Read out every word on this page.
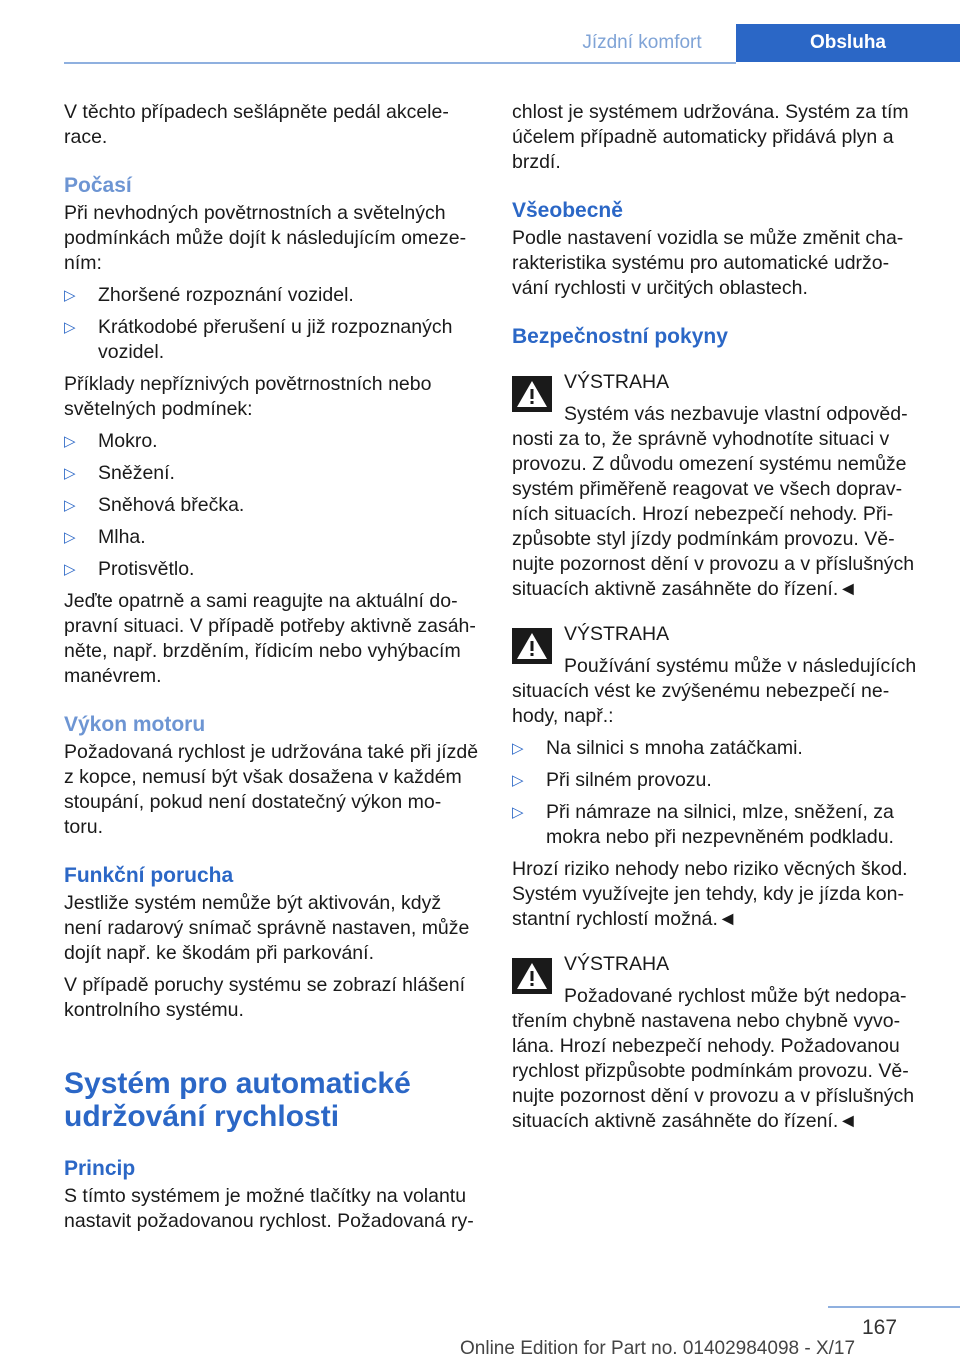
Jízdní komfort	Obsluha

V těchto případech sešlápněte pedál akcele-race.

Počasí

Při nevhodných povětrnostních a světelných podmínkách může dojít k následujícím omeze-ním:

▷ Zhoršené rozpoznání vozidel.
▷ Krátkodobé přerušení u již rozpoznaných vozidel.

Příklady nepříznivých povětrnostních nebo světelných podmínek:

▷ Mokro.
▷ Sněžení.
▷ Sněhová břečka.
▷ Mlha.
▷ Protisvětlo.

Jeďte opatrně a sami reagujte na aktuální do-pravní situaci. V případě potřeby aktivně zasáh-něte, např. brzděním, řídicím nebo vyhýbacím manévrem.

Výkon motoru

Požadovaná rychlost je udržována také při jízdě z kopce, nemusí být však dosažena v každém stoupání, pokud není dostatečný výkon mo-toru.

Funkční porucha

Jestliže systém nemůže být aktivován, když není radarový snímač správně nastaven, může dojít např. ke škodám při parkování.

V případě poruchy systému se zobrazí hlášení kontrolního systému.

Systém pro automatické udržování rychlosti
Princip

S tímto systémem je možné tlačítky na volantu nastavit požadovanou rychlost. Požadovaná ry-

chlost je systémem udržována. Systém za tím účelem případně automaticky přidává plyn a brzdí.

Všeobecně

Podle nastavení vozidla se může změnit cha-rakteristika systému pro automatické udržo-vání rychlosti v určitých oblastech.

Bezpečnostní pokyny
VÝSTRAHA

Systém vás nezbavuje vlastní odpověd-nosti za to, že správně vyhodnotíte situaci v provozu. Z důvodu omezení systému nemůže systém přiměřeně reagovat ve všech doprav-ních situacích. Hrozí nebezpečí nehody. Při-způsobte styl jízdy podmínkám provozu. Vě-nujte pozornost dění v provozu a v příslušných situacích aktivně zasáhněte do řízení.◄

VÝSTRAHA

Používání systému může v následujících situacích vést ke zvýšenému nebezpečí ne-hody, např.:

▷ Na silnici s mnoha zatáčkami.
▷ Při silném provozu.
▷ Při námraze na silnici, mlze, sněžení, za mokra nebo při nezpevněném podkladu.

Hrozí riziko nehody nebo riziko věcných škod. Systém využívejte jen tehdy, kdy je jízda kon-stantní rychlostí možná.◄

VÝSTRAHA

Požadované rychlost může být nedopa-třením chybně nastavena nebo chybně vyvo-lána. Hrozí nebezpečí nehody. Požadovanou rychlost přizpůsobte podmínkám provozu. Vě-nujte pozornost dění v provozu a v příslušných situacích aktivně zasáhněte do řízení.◄

167
Online Edition for Part no. 01402984098 - X/17
